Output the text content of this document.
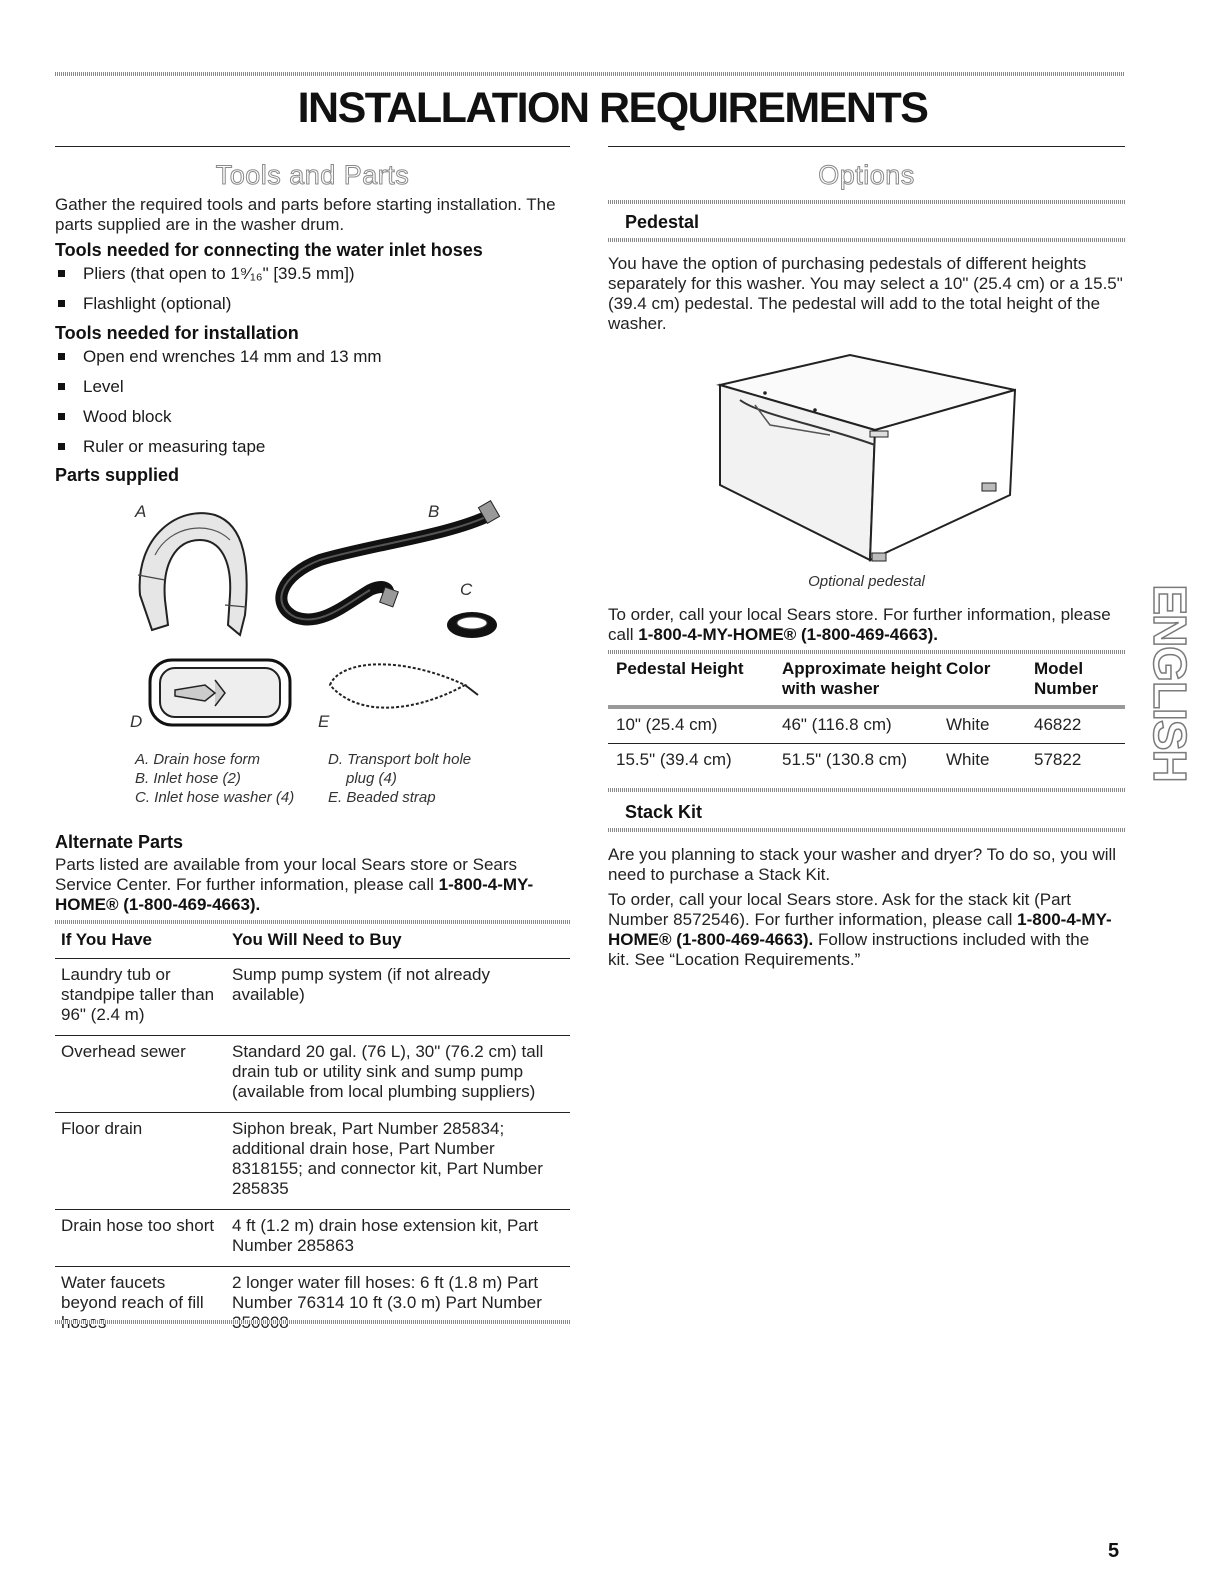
INSTALLATION REQUIREMENTS
Tools and Parts
Gather the required tools and parts before starting installation. The parts supplied are in the washer drum.
Tools needed for connecting the water inlet hoses
Pliers (that open to 1⁹⁄₁₆" [39.5 mm])
Flashlight (optional)
Tools needed for installation
Open end wrenches 14 mm and 13 mm
Level
Wood block
Ruler or measuring tape
Parts supplied
A	B
C
D	E
A. Drain hose form
B. Inlet hose (2)
C. Inlet hose washer (4)
D. Transport bolt hole
plug (4)
E. Beaded strap
Alternate Parts
Parts listed are available from your local Sears store or Sears Service Center. For further information, please call 1-800-4-MY-HOME® (1-800-469-4663).
If You Have	You Will Need to Buy
Laundry tub or standpipe taller than 96" (2.4 m)	Sump pump system (if not already available)
Overhead sewer	Standard 20 gal. (76 L), 30" (76.2 cm) tall drain tub or utility sink and sump pump (available from local plumbing suppliers)
Floor drain	Siphon break, Part Number 285834; additional drain hose, Part Number 8318155; and connector kit, Part Number 285835
Drain hose too short	4 ft (1.2 m) drain hose extension kit, Part Number 285863
Water faucets beyond reach of fill	2 longer water fill hoses: 6 ft (1.8 m) Part Number 76314 10 ft (3.0 m) Part Number
Options
Pedestal
You have the option of purchasing pedestals of different heights separately for this washer. You may select a 10" (25.4 cm) or a 15.5" (39.4 cm) pedestal. The pedestal will add to the total height of the washer.
Optional pedestal
To order, call your local Sears store. For further information, please call 1-800-4-MY-HOME® (1-800-469-4663).
Pedestal Height	Approximate height with washer	Color	Model Number
10" (25.4 cm)	46" (116.8 cm)	White	46822
15.5" (39.4 cm)	51.5" (130.8 cm)	White	57822
Stack Kit
Are you planning to stack your washer and dryer? To do so, you will need to purchase a Stack Kit.
To order, call your local Sears store. Ask for the stack kit (Part Number 8572546). For further information, please call 1-800-4-MY-HOME® (1-800-469-4663). Follow instructions included with the kit. See “Location Requirements.”
ENGLISH
5
